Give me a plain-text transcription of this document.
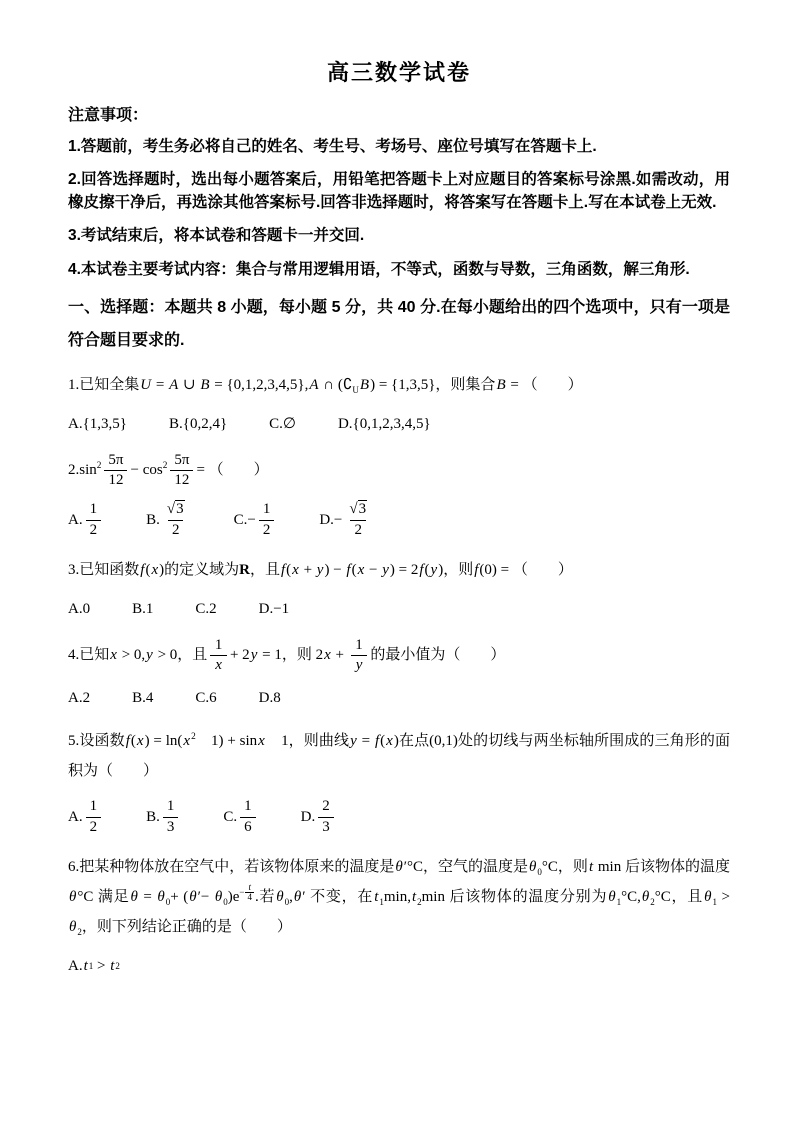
高三数学试卷

注意事项：

1.答题前，考生务必将自己的姓名、考生号、考场号、座位号填写在答题卡上.

2.回答选择题时，选出每小题答案后，用铅笔把答题卡上对应题目的答案标号涂黑.如需改动，用橡皮擦干净后，再选涂其他答案标号.回答非选择题时，将答案写在答题卡上.写在本试卷上无效.

3.考试结束后，将本试卷和答题卡一并交回.

4.本试卷主要考试内容：集合与常用逻辑用语，不等式，函数与导数，三角函数，解三角形.

一、选择题：本题共 8 小题，每小题 5 分，共 40 分.在每小题给出的四个选项中，只有一项是符合题目要求的.

1.已知全集U = A ∪ B = {0,1,2,3,4,5},A ∩ $(∁_UB) = \{1,3,5\}$，则集合B = （　　）

A.{1,3,5}	B.{0,2,4}	C.∅	D.{0,1,2,3,4,5}

$2.\sin^2 \frac{5\pi}{12} - \cos^2 \frac{5\pi}{12}$ = （　　）

A. $\frac{1}{2}$	B. $\frac{√3}{2}$	$C.- \frac{1}{2}$	$D.- \frac{√3}{2}$

3.已知函数f(x)的定义域为R，且f(x + y) − f(x − y) = 2f(y)，则f(0) = （　　）

A.0	B.1	C.2	D.−1

4.已知x > 0,y > 0，且 $\frac{1}{x} + 2y = 1$，则 $2x + \frac{1}{y}$ 的最小值为（　　）

A.2	B.4	C.6	D.8

5.设函数$f(x) = \ln(x^2$　1) + sinx　1，则曲线y = f(x)在点(0,1)处的切线与两坐标轴所围成的三角形的面积为（　　）

A. $\frac{1}{2}$	B. $\frac{1}{3}$	C. $\frac{1}{6}$	D. $\frac{2}{3}$

6.把某种物体放在空气中，若该物体原来的温度是θ′°C，空气的温度是$\theta_0^\circ C$，则t min 后该物体的温度θ°C 满足$\theta = \theta_0+ (\theta'- \theta_0)e^{- \frac{t}{4}}$ .若$\theta_0,\theta'$ 不变，在$t_1\min,t_2\min$ 后该物体的温度分别为$\theta_1^\circ C,\theta_2^\circ C$，且$\theta_1 > \theta_2$，则下列结论正确的是（　　）

A. t 1 > t 2
